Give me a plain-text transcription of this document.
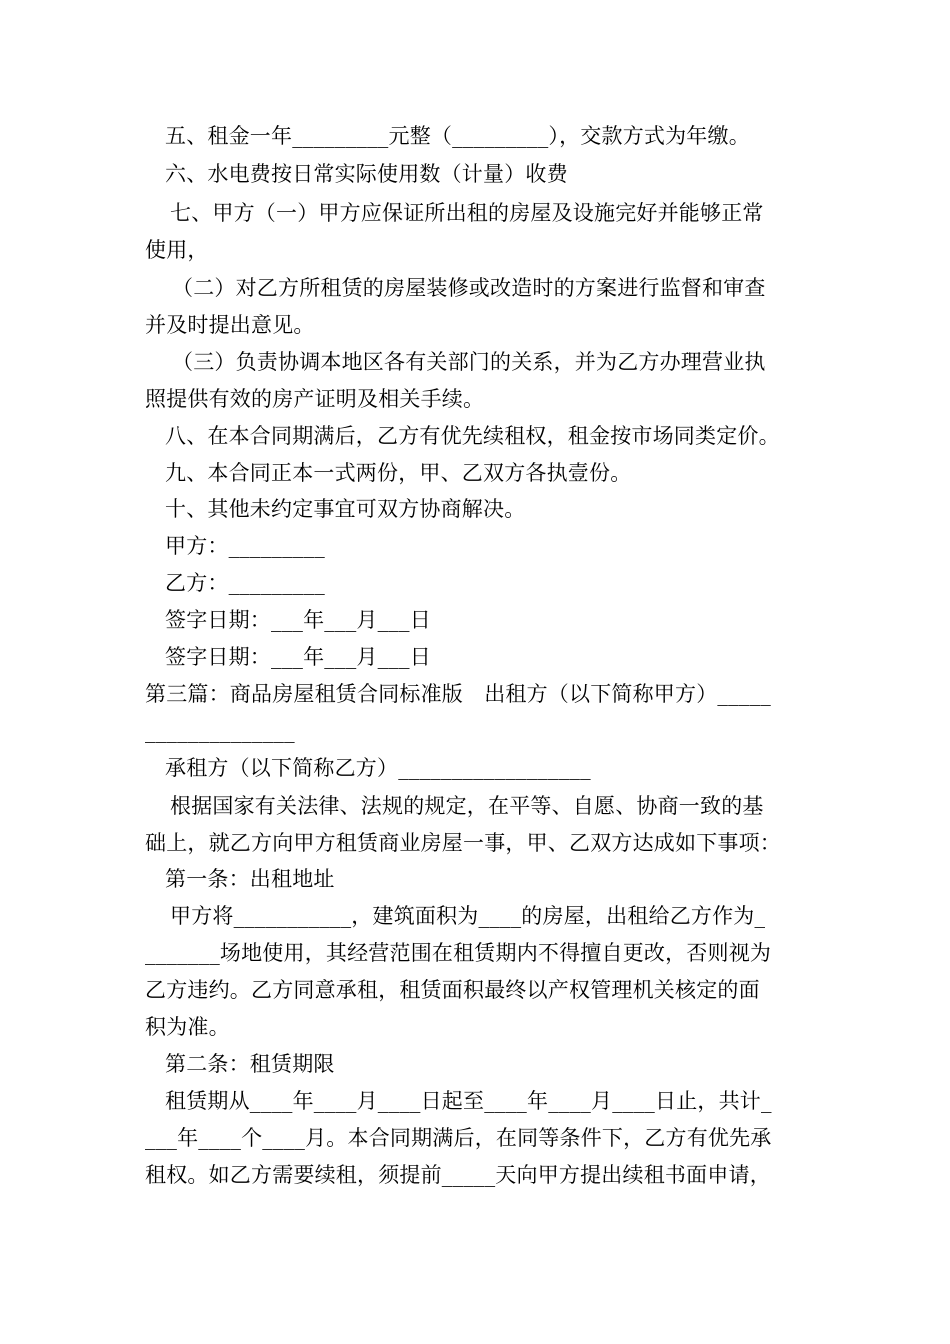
五、租金一年_________元整（_________），交款方式为年缴。
六、水电费按日常实际使用数（计量）收费
七、甲方（一）甲方应保证所出租的房屋及设施完好并能够正常
使用，
（二）对乙方所租赁的房屋装修或改造时的方案进行监督和审查
并及时提出意见。
（三）负责协调本地区各有关部门的关系，并为乙方办理营业执
照提供有效的房产证明及相关手续。
八、在本合同期满后，乙方有优先续租权，租金按市场同类定价。
九、本合同正本一式两份，甲、乙双方各执壹份。
十、其他未约定事宜可双方协商解决。
甲方：_________
乙方：_________
签字日期：___年___月___日
签字日期：___年___月___日
第三篇：商品房屋租赁合同标准版　出租方（以下简称甲方）_____
______________
承租方（以下简称乙方）__________________
根据国家有关法律、法规的规定，在平等、自愿、协商一致的基
础上，就乙方向甲方租赁商业房屋一事，甲、乙双方达成如下事项：
第一条：出租地址
甲方将___________，建筑面积为____的房屋，出租给乙方作为_
_______场地使用，其经营范围在租赁期内不得擅自更改，否则视为
乙方违约。乙方同意承租，租赁面积最终以产权管理机关核定的面
积为准。
第二条：租赁期限
租赁期从____年____月____日起至____年____月____日止，共计_
___年____个____月。本合同期满后，在同等条件下，乙方有优先承
租权。如乙方需要续租，须提前_____天向甲方提出续租书面申请，
